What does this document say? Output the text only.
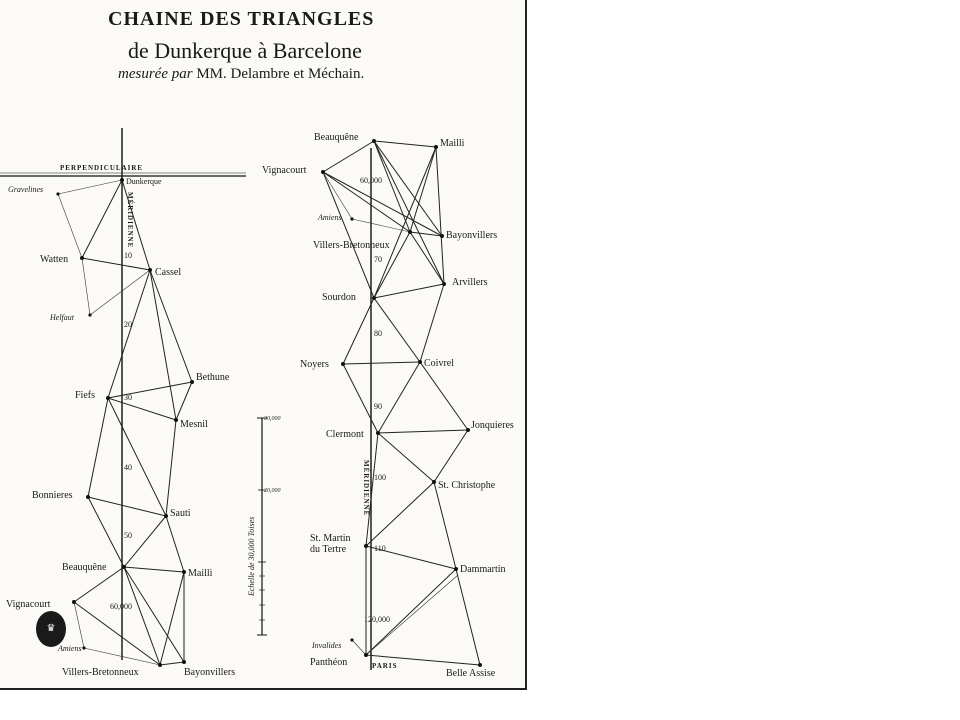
CHAINE DES TRIANGLES
de Dunkerque à Barcelone
mesurée par MM. Delambre et Méchain.
PERPENDICULAIRE
MÉRIDIENNE
10
20
30
40
50
60,000
Gravelines
Dunkerque
Watten
Cassel
Helfaut
Bethune
Fiefs
Mesnil
Bonnieres
Sauti
Beauquêne
Mailli
Vignacourt
Amiens
Villers-Bretonneux	Bayonvillers
30,000
20,000
Echelle de 30,000 Toises
MÉRIDIENNE
60,000
70
80
90
100
110
120,000
Beauquêne
Mailli
Vignacourt
Amiens
Villers-Bretonneux
Bayonvillers
Arvillers
Sourdon
Noyers	Coivrel
Clermont
Jonquieres
St. Christophe
St. Martin
du Tertre
Dammartin
Invalides
Panthéon	PARIS
Belle Assise
♛
